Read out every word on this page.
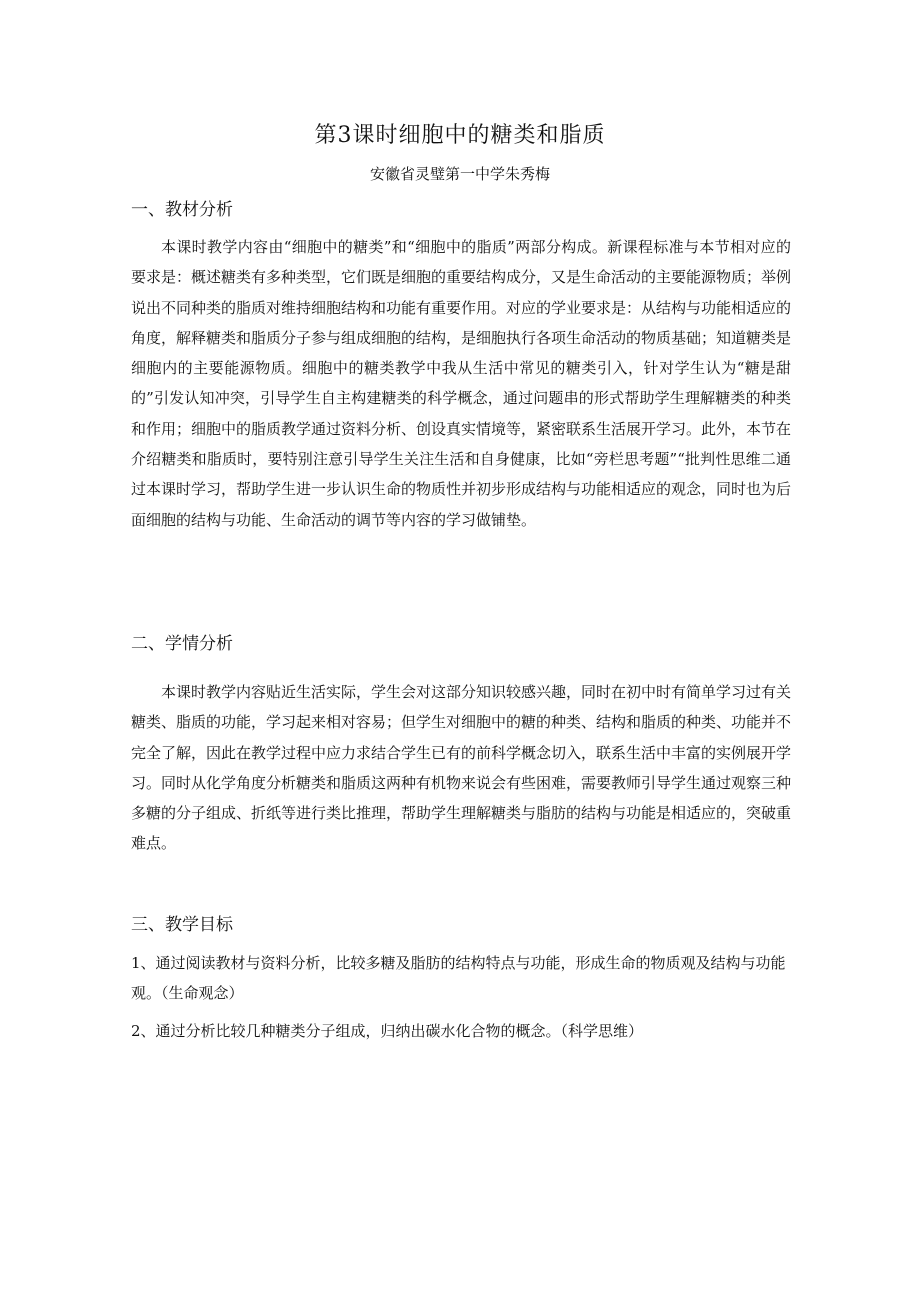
第3课时细胞中的糖类和脂质
安徽省灵璧第一中学朱秀梅
一、教材分析

本课时教学内容由“细胞中的糖类”和“细胞中的脂质”两部分构成。新课程标准与本节相对应的要求是：概述糖类有多种类型，它们既是细胞的重要结构成分，又是生命活动的主要能源物质；举例说出不同种类的脂质对维持细胞结构和功能有重要作用。对应的学业要求是：从结构与功能相适应的角度，解释糖类和脂质分子参与组成细胞的结构，是细胞执行各项生命活动的物质基础；知道糖类是细胞内的主要能源物质。细胞中的糖类教学中我从生活中常见的糖类引入，针对学生认为“糖是甜的”引发认知冲突，引导学生自主构建糖类的科学概念，通过问题串的形式帮助学生理解糖类的种类和作用；细胞中的脂质教学通过资料分析、创设真实情境等，紧密联系生活展开学习。此外，本节在介绍糖类和脂质时，要特别注意引导学生关注生活和自身健康，比如“旁栏思考题”“批判性思维二通过本课时学习，帮助学生进一步认识生命的物质性并初步形成结构与功能相适应的观念，同时也为后面细胞的结构与功能、生命活动的调节等内容的学习做铺垫。

二、学情分析

本课时教学内容贴近生活实际，学生会对这部分知识较感兴趣，同时在初中时有简单学习过有关糖类、脂质的功能，学习起来相对容易；但学生对细胞中的糖的种类、结构和脂质的种类、功能并不完全了解，因此在教学过程中应力求结合学生已有的前科学概念切入，联系生活中丰富的实例展开学习。同时从化学角度分析糖类和脂质这两种有机物来说会有些困难，需要教师引导学生通过观察三种多糖的分子组成、折纸等进行类比推理，帮助学生理解糖类与脂肪的结构与功能是相适应的，突破重难点。

三、教学目标

1、通过阅读教材与资料分析，比较多糖及脂肪的结构特点与功能，形成生命的物质观及结构与功能观。（生命观念）

2、通过分析比较几种糖类分子组成，归纳出碳水化合物的概念。（科学思维）
